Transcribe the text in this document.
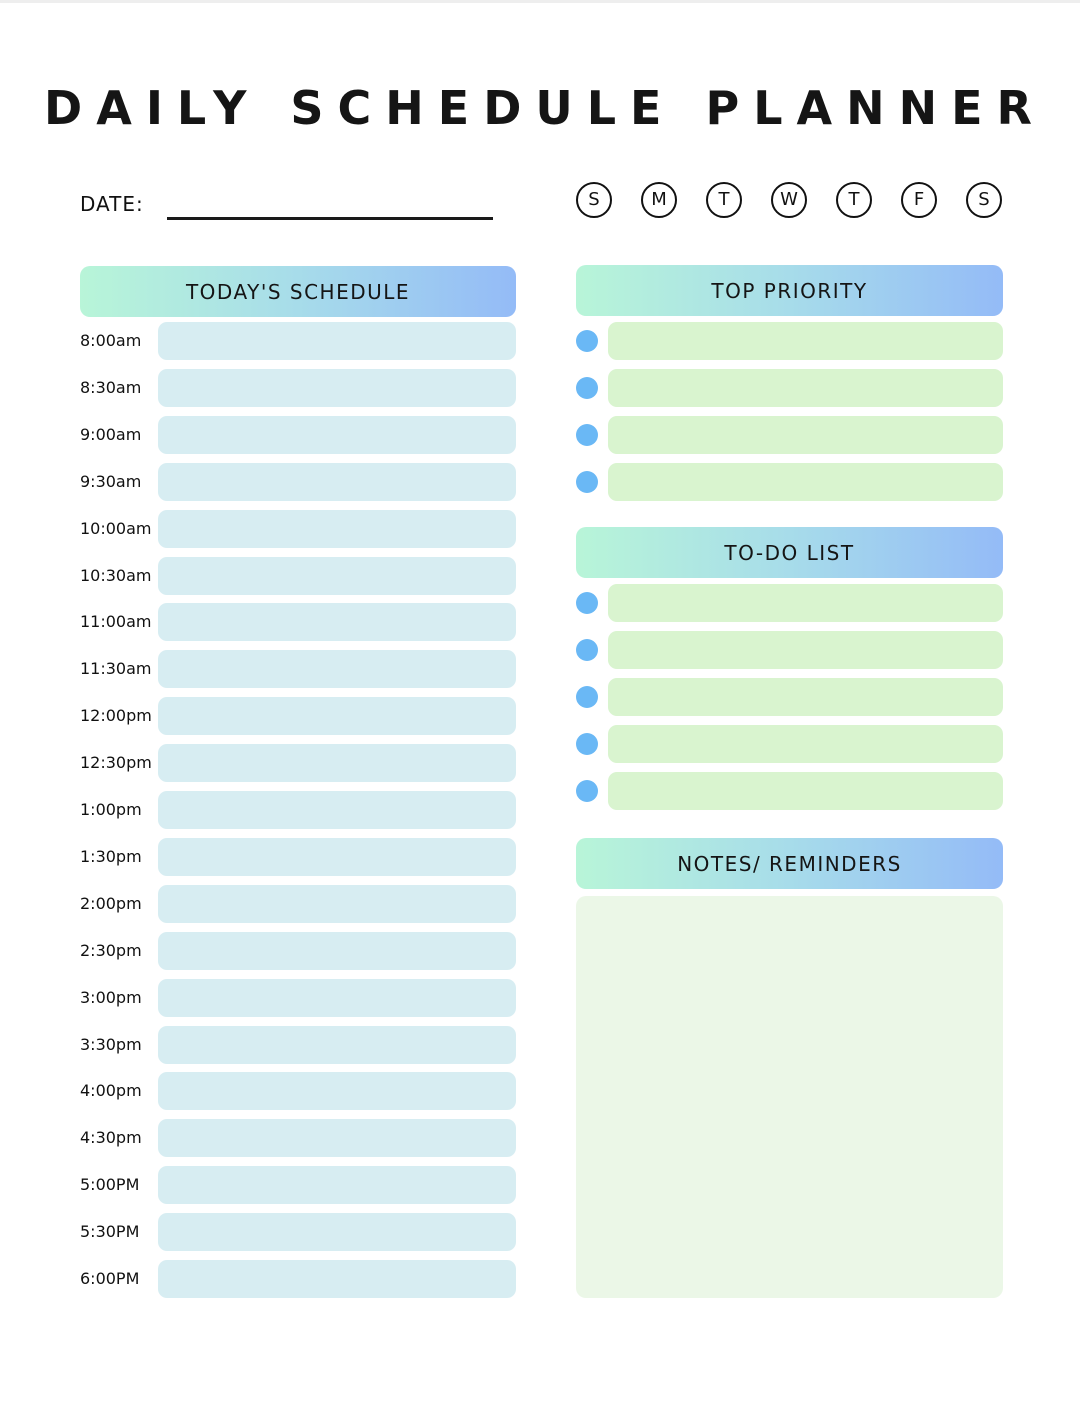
DAILY SCHEDULE PLANNER
DATE:	S	M	T	W	T	F	S
TODAY'S SCHEDULE
8:00am
8:30am
9:00am
9:30am
10:00am
10:30am
11:00am
11:30am
12:00pm
12:30pm
1:00pm
1:30pm
2:00pm
2:30pm
3:00pm
3:30pm
4:00pm
4:30pm
5:00PM
5:30PM
6:00PM
TOP PRIORITY
TO-DO LIST
NOTES/ REMINDERS
